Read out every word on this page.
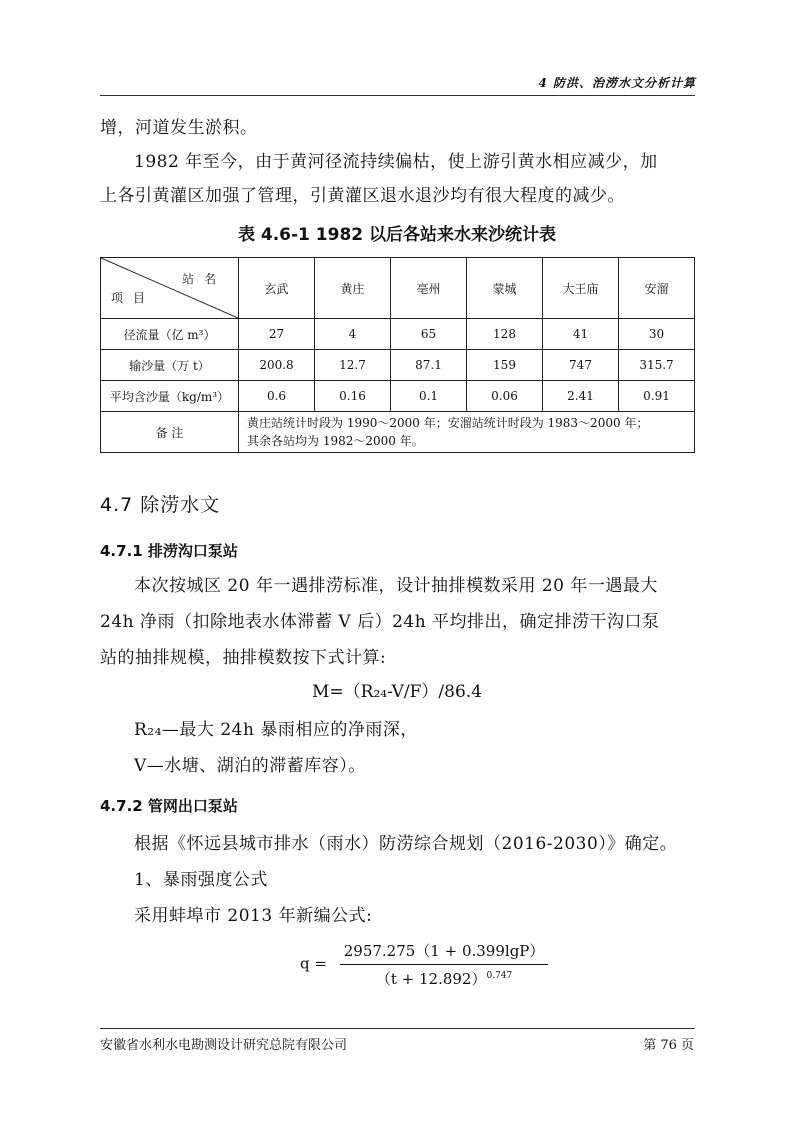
4 防洪、治涝水文分析计算
增，河道发生淤积。
1982 年至今，由于黄河径流持续偏枯，使上游引黄水相应减少，加
上各引黄灌区加强了管理，引黄灌区退水退沙均有很大程度的减少。
表 4.6-1 1982 以后各站来水来沙统计表
站名
项目	玄武	黄庄	亳州	蒙城	大王庙	安溜
径流量（亿 m³）	27	4	65	128	41	30
输沙量（万 t）	200.8	12.7	87.1	159	747	315.7
平均含沙量（kg/m³）	0.6	0.16	0.1	0.06	2.41	0.91
备 注	黄庄站统计时段为 1990～2000 年；安溜站统计时段为 1983～2000 年；
其余各站均为 1982～2000 年。					
4.7 除涝水文
4.7.1 排涝沟口泵站
本次按城区 20 年一遇排涝标准，设计抽排模数采用 20 年一遇最大
24h 净雨（扣除地表水体滞蓄 V 后）24h 平均排出，确定排涝干沟口泵
站的抽排规模，抽排模数按下式计算:
M=（R₂₄-V/F）/86.4
R₂₄—最大 24h 暴雨相应的净雨深，
V—水塘、湖泊的滞蓄库容）。
4.7.2 管网出口泵站
根据《怀远县城市排水（雨水）防涝综合规划（2016-2030）》确定。
1、暴雨强度公式
采用蚌埠市 2013 年新编公式:
$q = \frac{2957.275(1 + 0.399\lg P)}{(t + 12.892)^{0.747}}$
安徽省水利水电勘测设计研究总院有限公司	第 76 页
